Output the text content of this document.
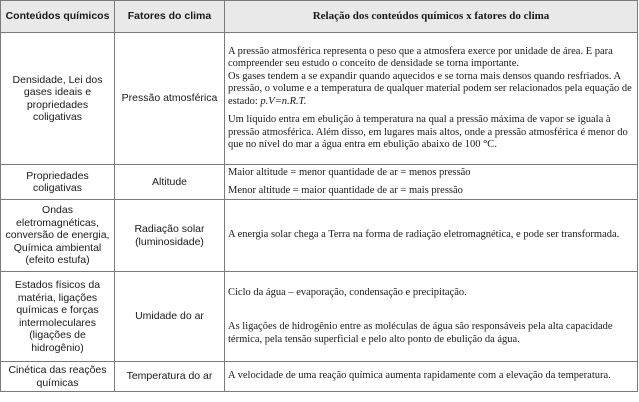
Conteúdos químicos	Fatores do clima	Relação dos conteúdos químicos x fatores do clima
Densidade, Lei dos gases ideais e propriedades coligativas	Pressão atmosférica	A pressão atmosférica representa o peso que a atmosfera exerce por unidade de área. E para compreender seu estudo o conceito de densidade se torna importante.

Os gases tendem a se expandir quando aquecidos e se torna mais densos quando resfriados. A pressão, o volume e a temperatura de qualquer material podem ser relacionados pela equação de estado: p.V=n.R.T.

Um líquido entra em ebulição à temperatura na qual a pressão máxima de vapor se iguala à pressão atmosférica. Além disso, em lugares mais altos, onde a pressão atmosférica é menor do que no nível do mar a água entra em ebulição abaixo de 100 °C.

Propriedades coligativas	Altitude	Maior altitude = menor quantidade de ar = menos pressão

Menor altitude = maior quantidade de ar = mais pressão

Ondas eletromagnéticas, conversão de energia, Química ambiental (efeito estufa)	Radiação solar (luminosidade)	A energia solar chega a Terra na forma de radiação eletromagnética, e pode ser transformada.

Estados físicos da matéria, ligações químicas e forças intermoleculares (ligações de hidrogênio)	Umidade do ar	Ciclo da água – evaporação, condensação e precipitação.

As ligações de hidrogênio entre as moléculas de água são responsáveis pela alta capacidade térmica, pela tensão superficial e pelo alto ponto de ebulição da água.

Cinética das reações químicas	Temperatura do ar	A velocidade de uma reação química aumenta rapidamente com a elevação da temperatura.
